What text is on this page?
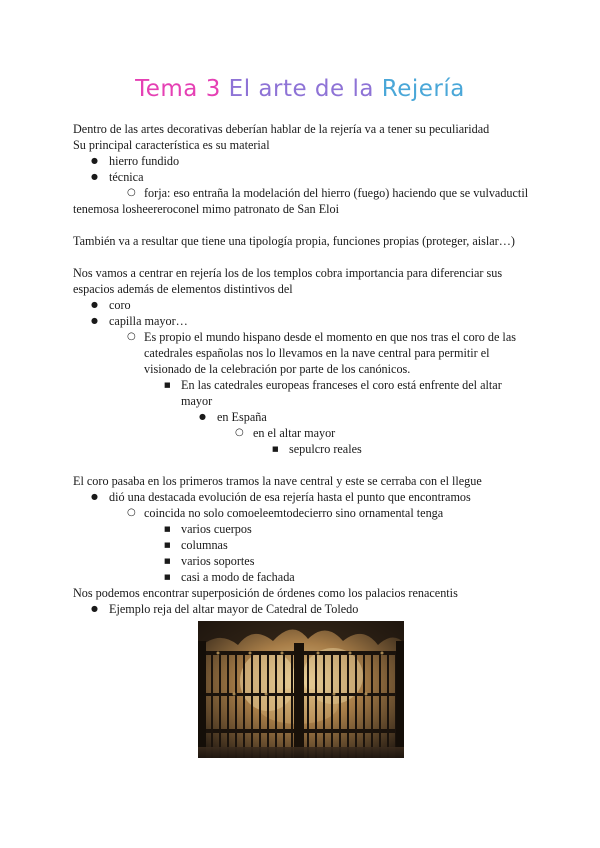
Tema 3 El arte de la Rejería
Dentro de las artes decorativas deberían hablar de la rejería va a tener su peculiaridad
Su principal característica es su material
● hierro fundido
● técnica
○ forja: eso entraña la modelación del hierro (fuego) haciendo que se vulvaductil
tenemosa losheereroconel mimo patronato de San Eloi
También va a resultar que tiene una tipología propia, funciones propias (proteger, aislar…)
Nos vamos a centrar en rejería los de los templos cobra importancia para diferenciar sus
espacios además de elementos distintivos del
● coro
● capilla mayor…
○ Es propio el mundo hispano desde el momento en que nos tras el coro de las
catedrales españolas nos lo llevamos en la nave central para permitir el
visionado de la celebración por parte de los canónicos.
■ En las catedrales europeas franceses el coro está enfrente del altar
mayor
● en España
○ en el altar mayor
■ sepulcro reales
El coro pasaba en los primeros tramos la nave central y este se cerraba con el llegue
● dió una destacada evolución de esa rejería hasta el punto que encontramos
○ coincida no solo comoeleemtodecierro sino ornamental tenga
■ varios cuerpos
■ columnas
■ varios soportes
■ casi a modo de fachada
Nos podemos encontrar superposición de órdenes como los palacios renacentis
● Ejemplo reja del altar mayor de Catedral de Toledo
